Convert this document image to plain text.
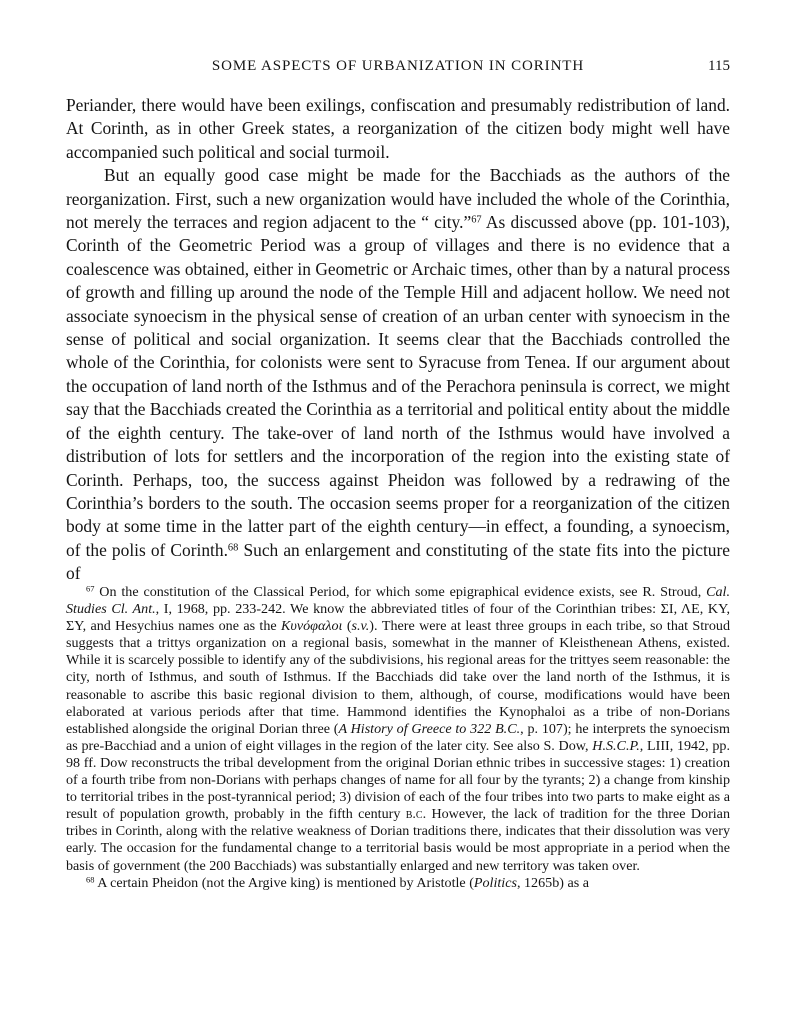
SOME ASPECTS OF URBANIZATION IN CORINTH	115

Periander, there would have been exilings, confiscation and presumably redistribution of land. At Corinth, as in other Greek states, a reorganization of the citizen body might well have accompanied such political and social turmoil.

But an equally good case might be made for the Bacchiads as the authors of the reorganization. First, such a new organization would have included the whole of the Corinthia, not merely the terraces and region adjacent to the “ city.”$^{67}$ As discussed above (pp. 101-103), Corinth of the Geometric Period was a group of villages and there is no evidence that a coalescence was obtained, either in Geometric or Archaic times, other than by a natural process of growth and filling up around the node of the Temple Hill and adjacent hollow. We need not associate synoecism in the physical sense of creation of an urban center with synoecism in the sense of political and social organization. It seems clear that the Bacchiads controlled the whole of the Corinthia, for colonists were sent to Syracuse from Tenea. If our argument about the occupation of land north of the Isthmus and of the Perachora peninsula is correct, we might say that the Bacchiads created the Corinthia as a territorial and political entity about the middle of the eighth century. The take-over of land north of the Isthmus would have involved a distribution of lots for settlers and the incorporation of the region into the existing state of Corinth. Perhaps, too, the success against Pheidon was followed by a redrawing of the Corinthia’s borders to the south. The occasion seems proper for a reorganization of the citizen body at some time in the latter part of the eighth century—in effect, a founding, a synoecism, of the polis of Corinth.$^{68}$ Such an enlargement and constituting of the state fits into the picture of

$^{67}$ On the constitution of the Classical Period, for which some epigraphical evidence exists, see R. Stroud, Cal. Studies Cl. Ant., I, 1968, pp. 233-242. We know the abbreviated titles of four of the Corinthian tribes: ΣΙ, ΛΕ, ΚΥ, ΣΥ, and Hesychius names one as the Κυνόφαλοι (s.v.). There were at least three groups in each tribe, so that Stroud suggests that a trittys organization on a regional basis, somewhat in the manner of Kleisthenean Athens, existed. While it is scarcely possible to identify any of the subdivisions, his regional areas for the trittyes seem reasonable: the city, north of Isthmus, and south of Isthmus. If the Bacchiads did take over the land north of the Isthmus, it is reasonable to ascribe this basic regional division to them, although, of course, modifications would have been elaborated at various periods after that time. Hammond identifies the Kynophaloi as a tribe of non-Dorians established alongside the original Dorian three (A History of Greece to 322 B.C., p. 107); he interprets the synoecism as pre-Bacchiad and a union of eight villages in the region of the later city. See also S. Dow, H.S.C.P., LIII, 1942, pp. 98 ff. Dow reconstructs the tribal development from the original Dorian ethnic tribes in successive stages: 1) creation of a fourth tribe from non-Dorians with perhaps changes of name for all four by the tyrants; 2) a change from kinship to territorial tribes in the post-tyrannical period; 3) division of each of the four tribes into two parts to make eight as a result of population growth, probably in the fifth century b.c. However, the lack of tradition for the three Dorian tribes in Corinth, along with the relative weakness of Dorian traditions there, indicates that their dissolution was very early. The occasion for the fundamental change to a territorial basis would be most appropriate in a period when the basis of government (the 200 Bacchiads) was substantially enlarged and new territory was taken over.

$^{68}$ A certain Pheidon (not the Argive king) is mentioned by Aristotle (Politics, 1265b) as a
